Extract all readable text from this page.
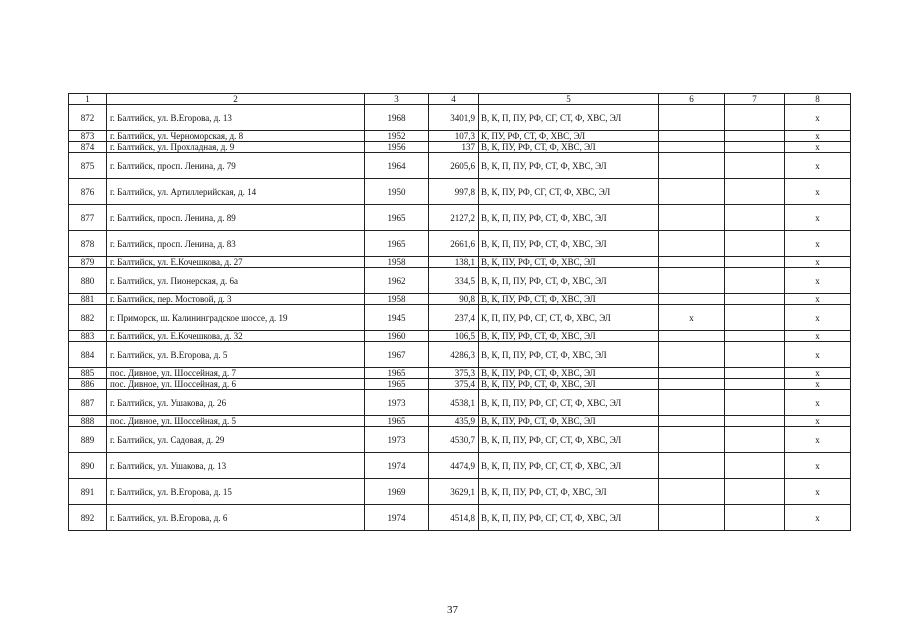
1	2	3	4	5	6	7	8
872	г. Балтийск, ул. В.Егорова, д. 13	1968	3401,9	В, К, П, ПУ, РФ, СГ, СТ, Ф, ХВС, ЭЛ			х
873	г. Балтийск, ул. Черноморская, д. 8	1952	107,3	К, ПУ, РФ, СТ, Ф, ХВС, ЭЛ			х
874	г. Балтийск, ул. Прохладная, д. 9	1956	137	В, К, ПУ, РФ, СТ, Ф, ХВС, ЭЛ			х
875	г. Балтийск, просп. Ленина, д. 79	1964	2605,6	В, К, П, ПУ, РФ, СТ, Ф, ХВС, ЭЛ			х
876	г. Балтийск, ул. Артиллерийская, д. 14	1950	997,8	В, К, ПУ, РФ, СГ, СТ, Ф, ХВС, ЭЛ			х
877	г. Балтийск, просп. Ленина, д. 89	1965	2127,2	В, К, П, ПУ, РФ, СТ, Ф, ХВС, ЭЛ			х
878	г. Балтийск, просп. Ленина, д. 83	1965	2661,6	В, К, П, ПУ, РФ, СТ, Ф, ХВС, ЭЛ			х
879	г. Балтийск, ул. Е.Кочешкова, д. 27	1958	138,1	В, К, ПУ, РФ, СТ, Ф, ХВС, ЭЛ			х
880	г. Балтийск, ул. Пионерская, д. 6а	1962	334,5	В, К, П, ПУ, РФ, СТ, Ф, ХВС, ЭЛ			х
881	г. Балтийск, пер. Мостовой, д. 3	1958	90,8	В, К, ПУ, РФ, СТ, Ф, ХВС, ЭЛ			х
882	г. Приморск, ш. Калининградское шоссе, д. 19	1945	237,4	К, П, ПУ, РФ, СГ, СТ, Ф, ХВС, ЭЛ	х		х
883	г. Балтийск, ул. Е.Кочешкова, д. 32	1960	106,5	В, К, ПУ, РФ, СТ, Ф, ХВС, ЭЛ			х
884	г. Балтийск, ул. В.Егорова, д. 5	1967	4286,3	В, К, П, ПУ, РФ, СТ, Ф, ХВС, ЭЛ			х
885	пос. Дивное, ул. Шоссейная, д. 7	1965	375,3	В, К, ПУ, РФ, СТ, Ф, ХВС, ЭЛ			х
886	пос. Дивное, ул. Шоссейная, д. 6	1965	375,4	В, К, ПУ, РФ, СТ, Ф, ХВС, ЭЛ			х
887	г. Балтийск, ул. Ушакова, д. 26	1973	4538,1	В, К, П, ПУ, РФ, СГ, СТ, Ф, ХВС, ЭЛ			х
888	пос. Дивное, ул. Шоссейная, д. 5	1965	435,9	В, К, ПУ, РФ, СТ, Ф, ХВС, ЭЛ			х
889	г. Балтийск, ул. Садовая, д. 29	1973	4530,7	В, К, П, ПУ, РФ, СГ, СТ, Ф, ХВС, ЭЛ			х
890	г. Балтийск, ул. Ушакова, д. 13	1974	4474,9	В, К, П, ПУ, РФ, СГ, СТ, Ф, ХВС, ЭЛ			х
891	г. Балтийск, ул. В.Егорова, д. 15	1969	3629,1	В, К, П, ПУ, РФ, СТ, Ф, ХВС, ЭЛ			х
892	г. Балтийск, ул. В.Егорова, д. 6	1974	4514,8	В, К, П, ПУ, РФ, СГ, СТ, Ф, ХВС, ЭЛ			х
37
